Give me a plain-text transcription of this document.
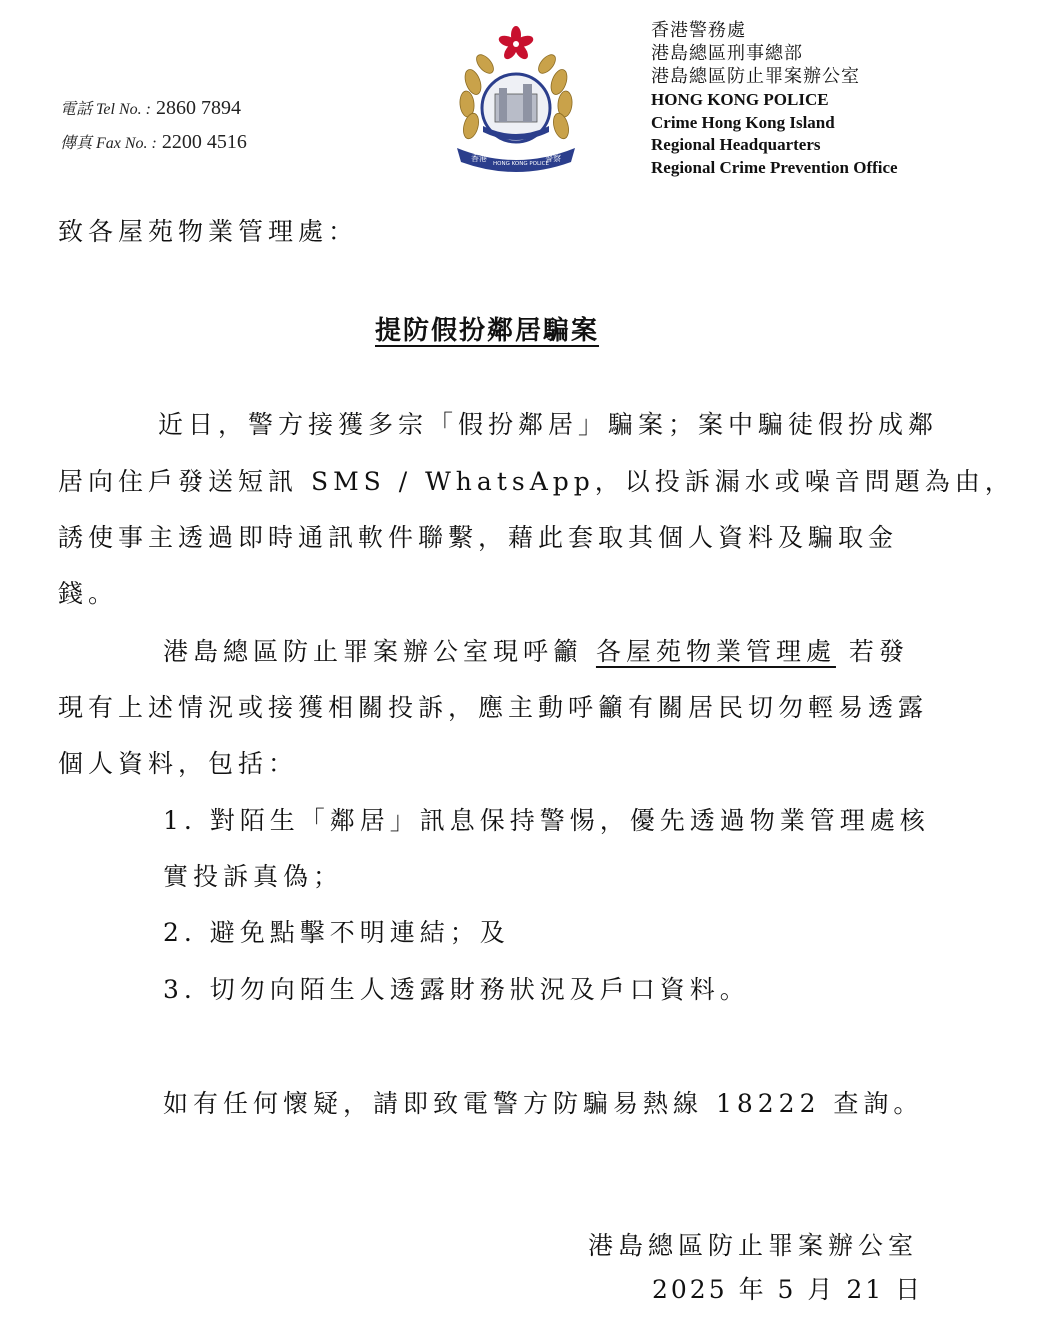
電話 Tel No. : 2860 7894
傳真 Fax No. : 2200 4516
香港
HONG KONG POLICE
警察
香港警務處
港島總區刑事總部
港島總區防止罪案辦公室
HONG KONG POLICE
Crime Hong Kong Island
Regional Headquarters
Regional Crime Prevention Office
致各屋苑物業管理處：
提防假扮鄰居騙案
近日，警方接獲多宗「假扮鄰居」騙案；案中騙徒假扮成鄰
居向住戶發送短訊 SMS / WhatsApp，以投訴漏水或噪音問題為由，
誘使事主透過即時通訊軟件聯繫，藉此套取其個人資料及騙取金
錢。
港島總區防止罪案辦公室現呼籲 各屋苑物業管理處 若發
現有上述情況或接獲相關投訴，應主動呼籲有關居民切勿輕易透露
個人資料，包括：
1. 對陌生「鄰居」訊息保持警惕，優先透過物業管理處核
實投訴真偽；
2. 避免點擊不明連結；及
3. 切勿向陌生人透露財務狀況及戶口資料。
如有任何懷疑，請即致電警方防騙易熱線 18222 查詢。
港島總區防止罪案辦公室
2025 年 5 月 21 日
